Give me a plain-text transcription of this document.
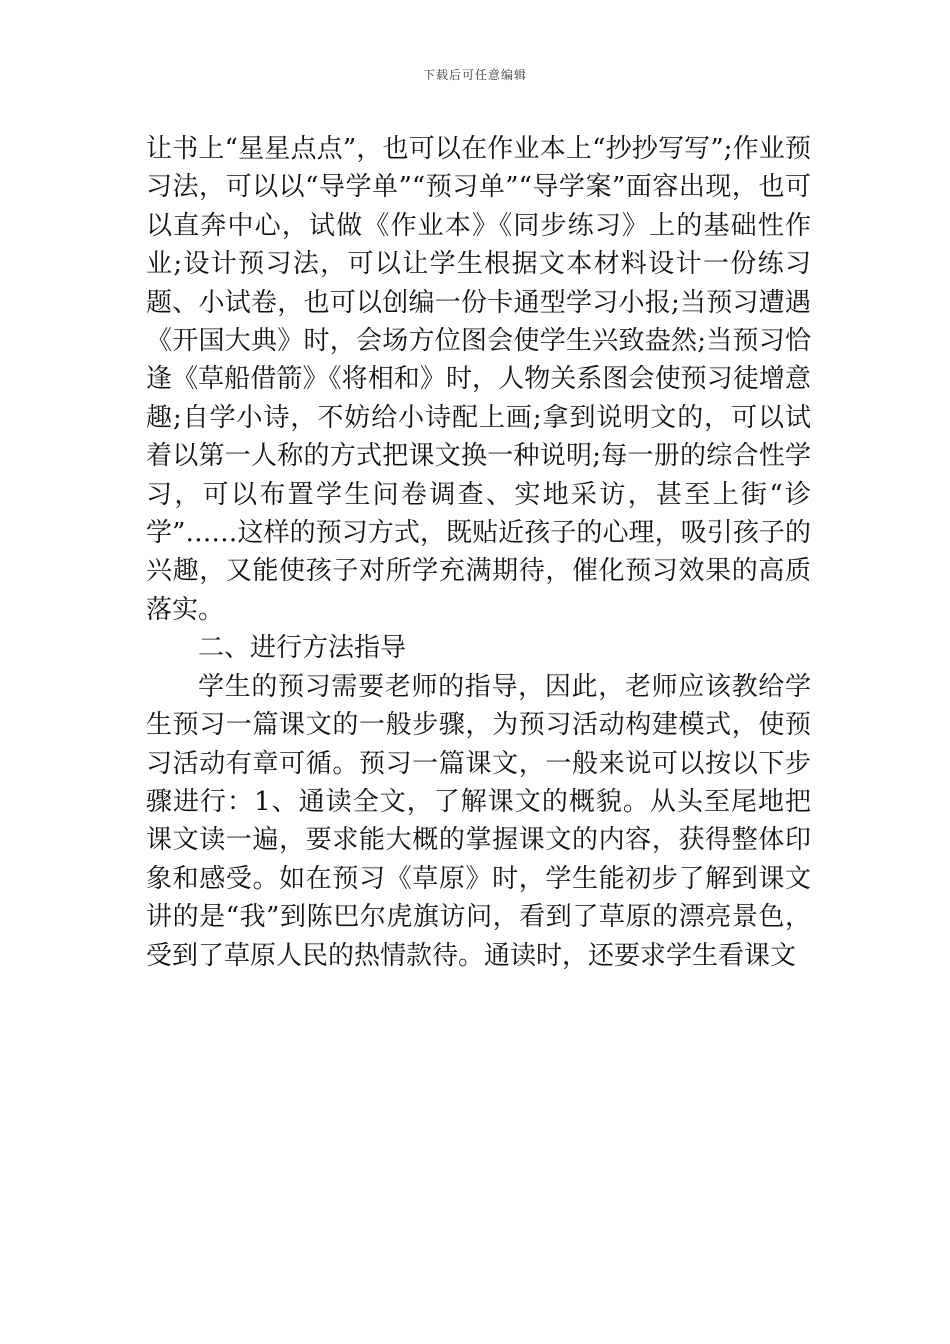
下载后可任意编辑

让书上“星星点点”，也可以在作业本上“抄抄写写”;作业预习法，可以以“导学单”“预习单”“导学案”面容出现，也可以直奔中心，试做《作业本》《同步练习》上的基础性作业;设计预习法，可以让学生根据文本材料设计一份练习题、小试卷，也可以创编一份卡通型学习小报;当预习遭遇《开国大典》时，会场方位图会使学生兴致盎然;当预习恰逢《草船借箭》《将相和》时，人物关系图会使预习徒增意趣;自学小诗，不妨给小诗配上画;拿到说明文的，可以试着以第一人称的方式把课文换一种说明;每一册的综合性学习，可以布置学生问卷调查、实地采访，甚至上街“诊学”……这样的预习方式，既贴近孩子的心理，吸引孩子的兴趣，又能使孩子对所学充满期待，催化预习效果的高质落实。

二、进行方法指导

学生的预习需要老师的指导，因此，老师应该教给学生预习一篇课文的一般步骤，为预习活动构建模式，使预习活动有章可循。预习一篇课文，一般来说可以按以下步骤进行：1、通读全文，了解课文的概貌。从头至尾地把课文读一遍，要求能大概的掌握课文的内容，获得整体印象和感受。如在预习《草原》时，学生能初步了解到课文讲的是“我”到陈巴尔虎旗访问，看到了草原的漂亮景色，受到了草原人民的热情款待。通读时，还要求学生看课文
